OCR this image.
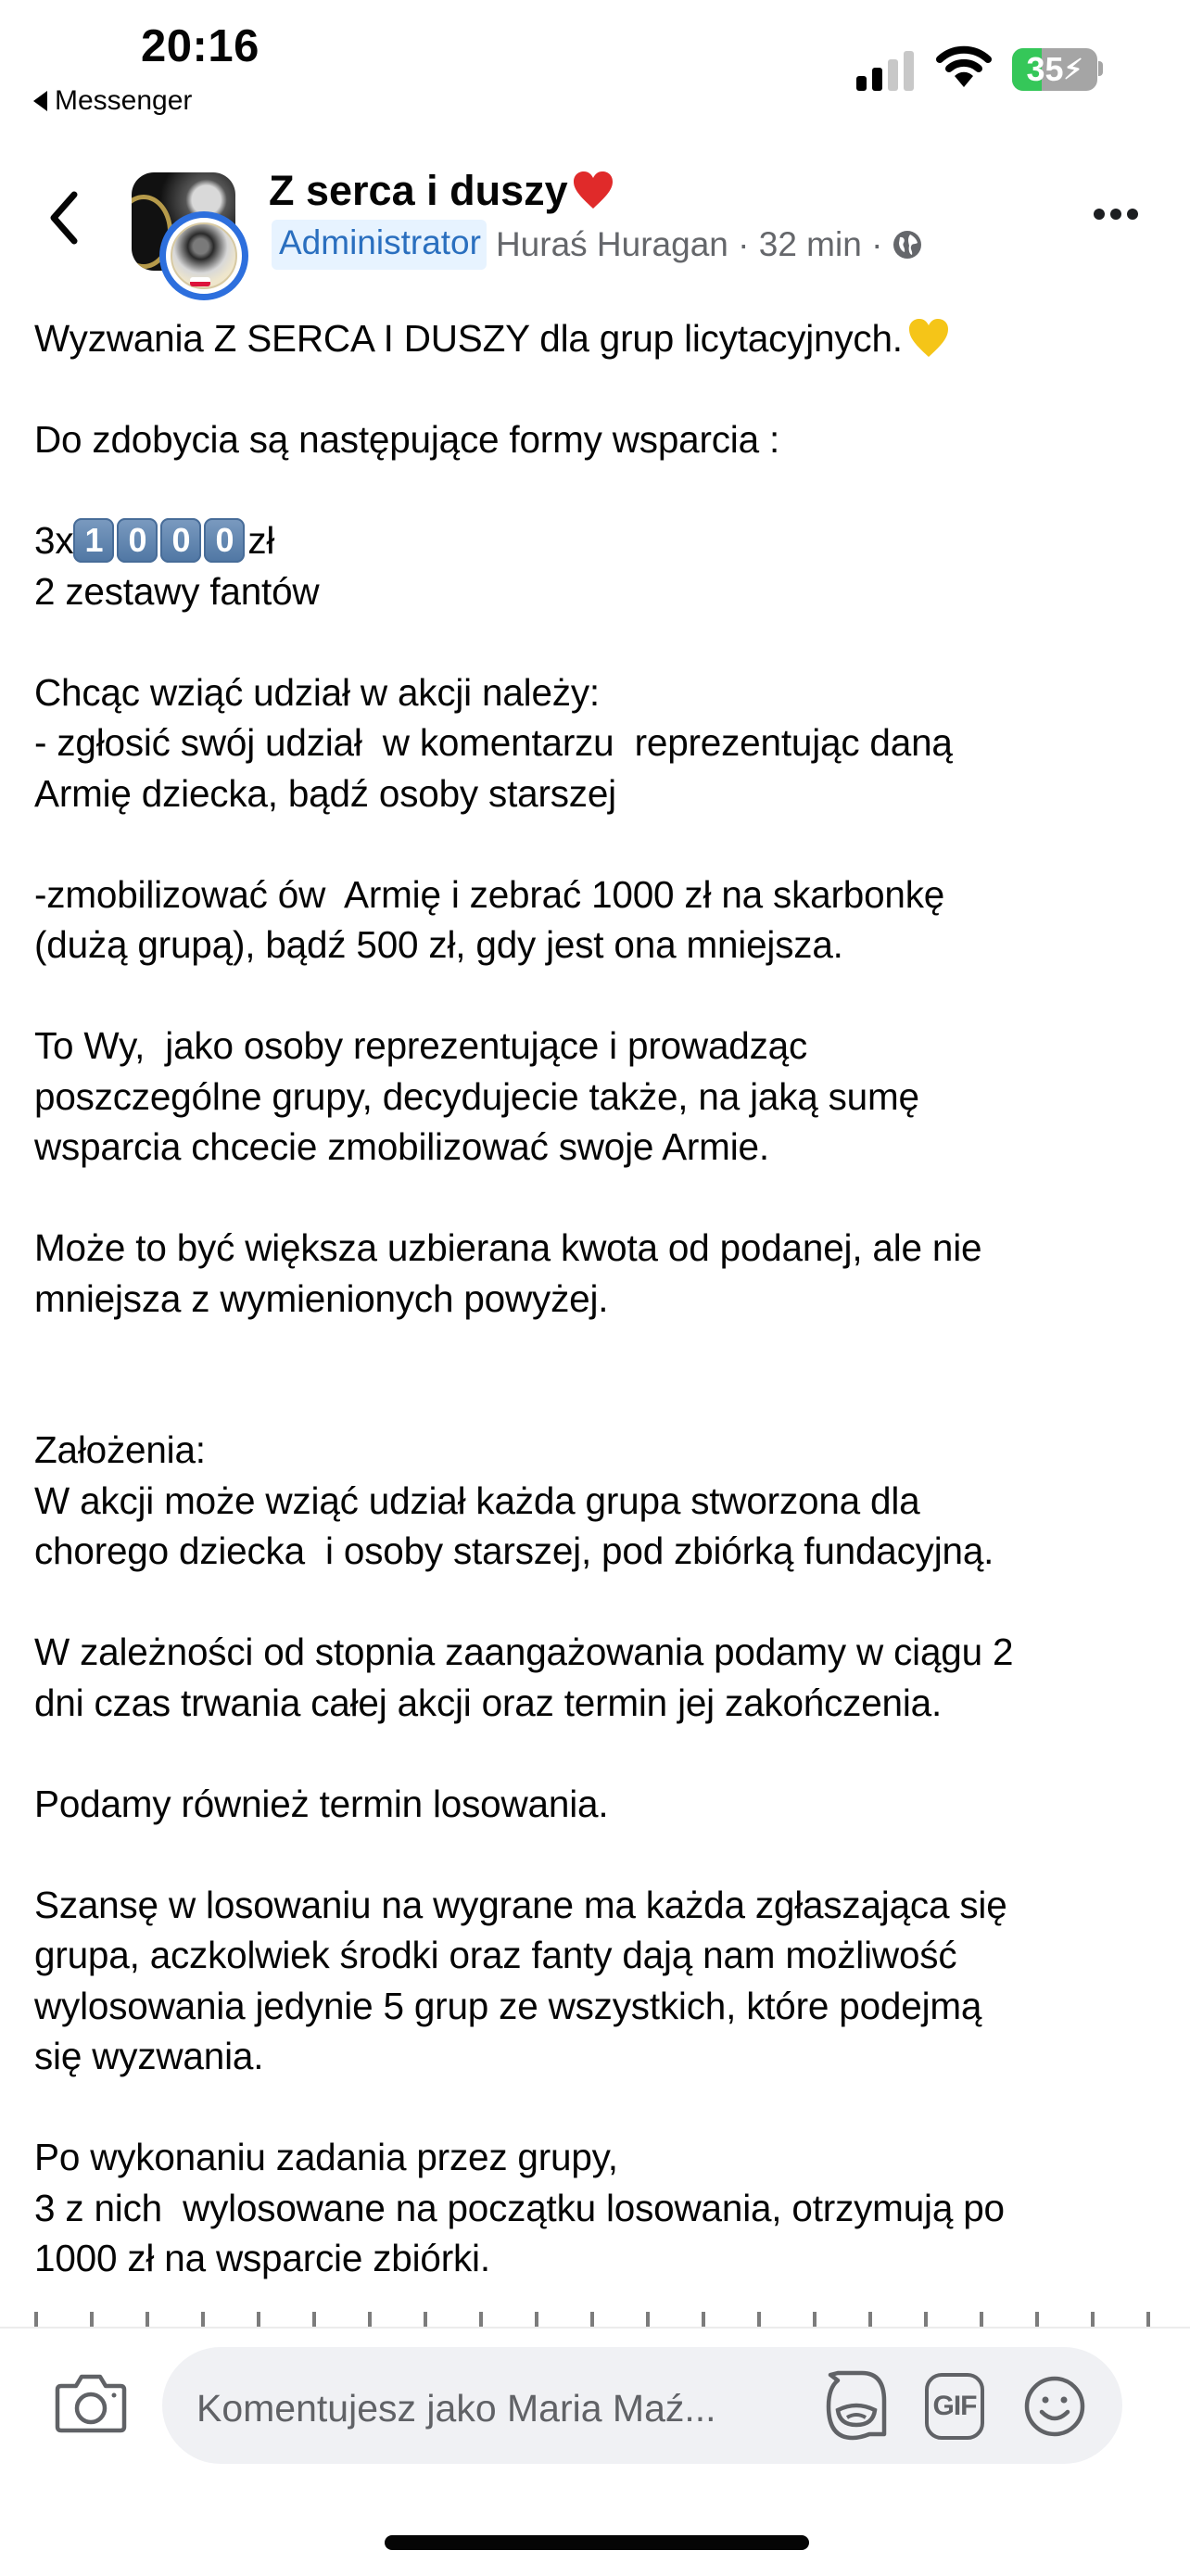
20:16
Messenger
35 ⚡︎
Z serca i duszy
Administrator Huraś Huragan · 32 min ·
Wyzwania Z SERCA I DUSZY dla grup licytacyjnych.
Do zdobycia są następujące formy wsparcia :
3x 1 0 0 0 zł
2 zestawy fantów
Chcąc wziąć udział w akcji należy:
- zgłosić swój udział  w komentarzu  reprezentując daną
Armię dziecka, bądź osoby starszej
-zmobilizować ów  Armię i zebrać 1000 zł na skarbonkę
(dużą grupą), bądź 500 zł, gdy jest ona mniejsza.
To Wy,  jako osoby reprezentujące i prowadząc
poszczególne grupy, decydujecie także, na jaką sumę
wsparcia chcecie zmobilizować swoje Armie.
Może to być większa uzbierana kwota od podanej, ale nie
mniejsza z wymienionych powyżej.
Założenia:
W akcji może wziąć udział każda grupa stworzona dla
chorego dziecka  i osoby starszej, pod zbiórką fundacyjną.
W zależności od stopnia zaangażowania podamy w ciągu 2
dni czas trwania całej akcji oraz termin jej zakończenia.
Podamy również termin losowania.
Szansę w losowaniu na wygrane ma każda zgłaszająca się
grupa, aczkolwiek środki oraz fanty dają nam możliwość
wylosowania jedynie 5 grup ze wszystkich, które podejmą
się wyzwania.
Po wykonaniu zadania przez grupy,
3 z nich  wylosowane na początku losowania, otrzymują po
1000 zł na wsparcie zbiórki.
Komentujesz jako Maria Maź...
GIF
